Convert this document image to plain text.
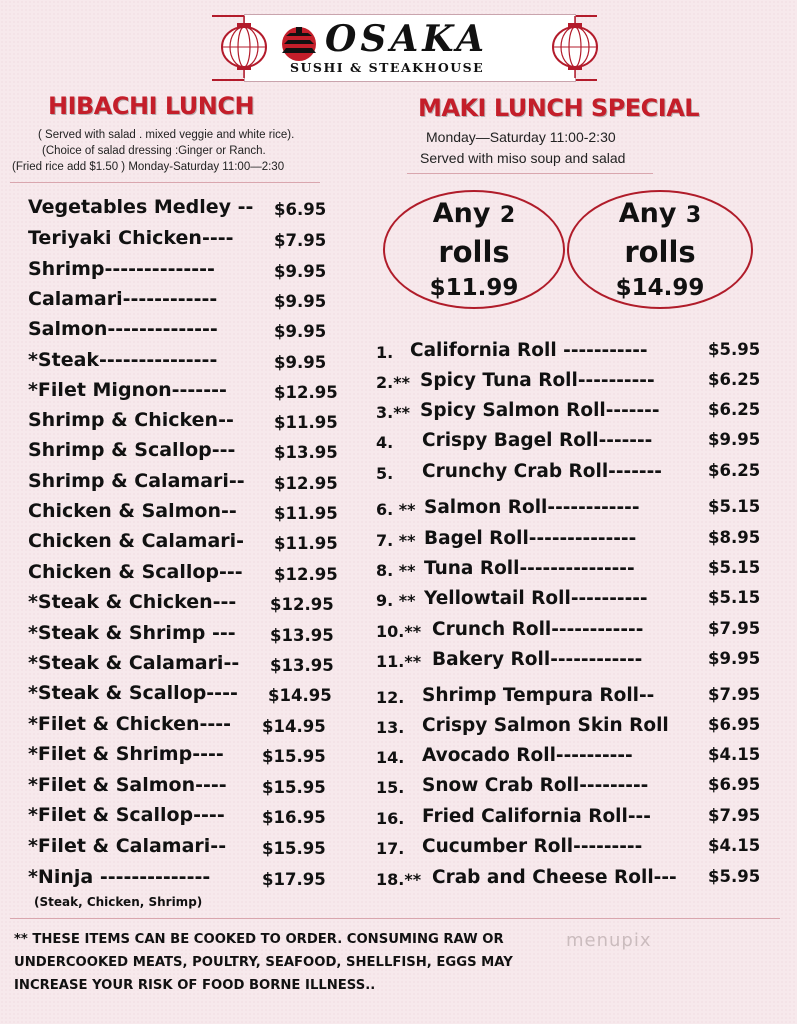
OSAKA
SUSHI & STEAKHOUSE
HIBACHI LUNCH
( Served with salad . mixed veggie and white rice).
(Choice of salad dressing :Ginger or Ranch.
(Fried rice add $1.50 ) Monday-Saturday 11:00—2:30
MAKI LUNCH SPECIAL
Monday—Saturday 11:00-2:30
Served with miso soup and salad
Any 2
rolls
$11.99
Any 3
rolls
$14.99
Vegetables Medley -- $6.95
Teriyaki Chicken---- $7.95
Shrimp--------------	$9.95
Calamari------------	$9.95
Salmon--------------	$9.95
*Steak---------------	$9.95
*Filet Mignon-------	$12.95
Shrimp & Chicken-- $11.95
Shrimp & Scallop--- $13.95
Shrimp & Calamari-- $12.95
Chicken & Salmon-- $11.95
Chicken & Calamari- $11.95
Chicken & Scallop--- $12.95
*Steak & Chicken--- $12.95
*Steak & Shrimp --- $13.95
*Steak & Calamari-- $13.95
*Steak & Scallop---- $14.95
*Filet & Chicken---- $14.95
*Filet & Shrimp---- $15.95
*Filet & Salmon---- $15.95
*Filet & Scallop---- $16.95
*Filet & Calamari-- $15.95
*Ninja --------------	$17.95
(Steak, Chicken, Shrimp)
1. California Roll -----------	$5.95
2.** Spicy Tuna Roll----------	$6.25
3.** Spicy Salmon Roll-------	$6.25
4. Crispy Bagel Roll-------	$9.95
5. Crunchy Crab Roll-------	$6.25
6. ** Salmon Roll------------	$5.15
7. ** Bagel Roll--------------	$8.95
8. ** Tuna Roll---------------	$5.15
9. ** Yellowtail Roll----------	$5.15
10.** Crunch Roll------------	$7.95
11.** Bakery Roll------------	$9.95
12. Shrimp Tempura Roll--	$7.95
13. Crispy Salmon Skin Roll $6.95
14. Avocado Roll----------	$4.15
15. Snow Crab Roll---------	$6.95
16. Fried California Roll---	$7.95
17. Cucumber Roll---------	$4.15
18.** Crab and Cheese Roll--- $5.95
** THESE ITEMS CAN BE COOKED TO ORDER. CONSUMING RAW OR
UNDERCOOKED MEATS, POULTRY, SEAFOOD, SHELLFISH, EGGS MAY
INCREASE YOUR RISK OF FOOD BORNE ILLNESS..
menupix
